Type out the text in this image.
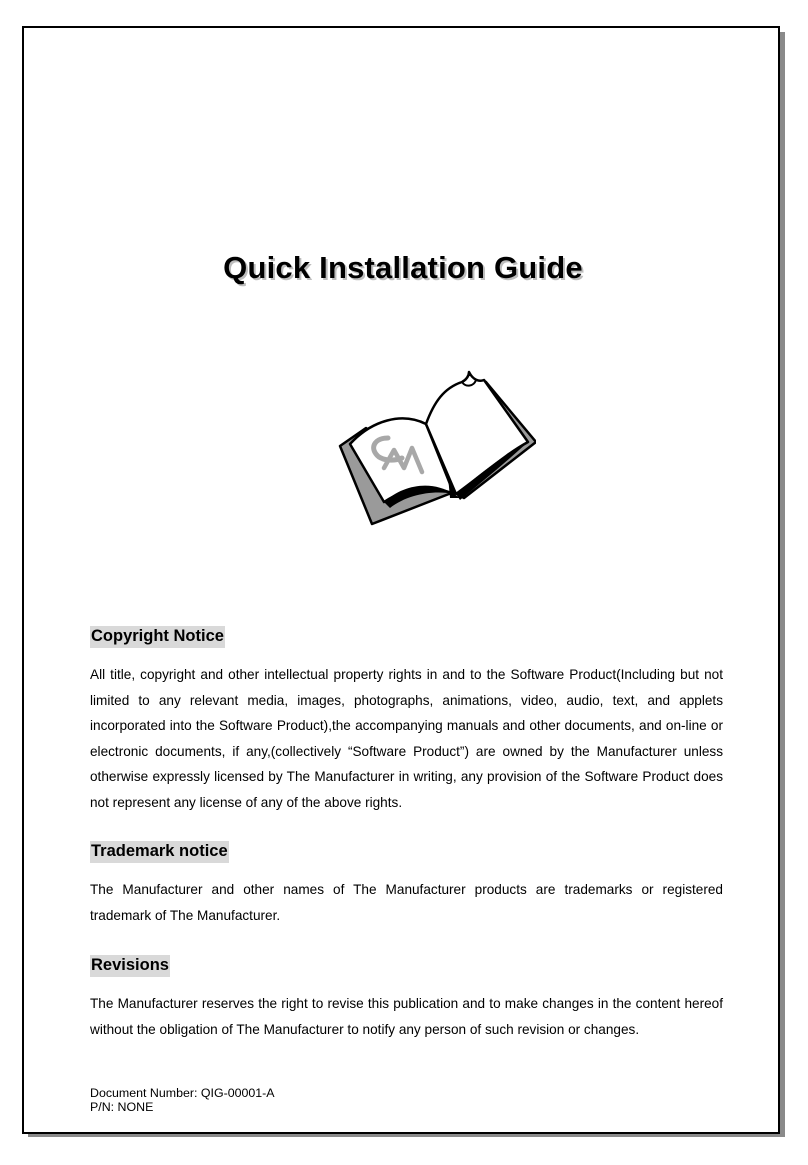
Quick Installation Guide
Copyright Notice

All title, copyright and other intellectual property rights in and to the Software Product(Including but not limited to any relevant media, images, photographs, animations, video, audio, text, and applets incorporated into the Software Product),the accompanying manuals and other documents, and on-line or electronic documents, if any,(collectively “Software Product”) are owned by the Manufacturer unless otherwise expressly licensed by The Manufacturer in writing, any provision of the Software Product does not represent any license of any of the above rights.

Trademark notice

The Manufacturer and other names of The Manufacturer products are trademarks or registered trademark of The Manufacturer.

Revisions

The Manufacturer reserves the right to revise this publication and to make changes in the content hereof without the obligation of The Manufacturer to notify any person of such revision or changes.

Document Number: QIG-00001-A
P/N: NONE
